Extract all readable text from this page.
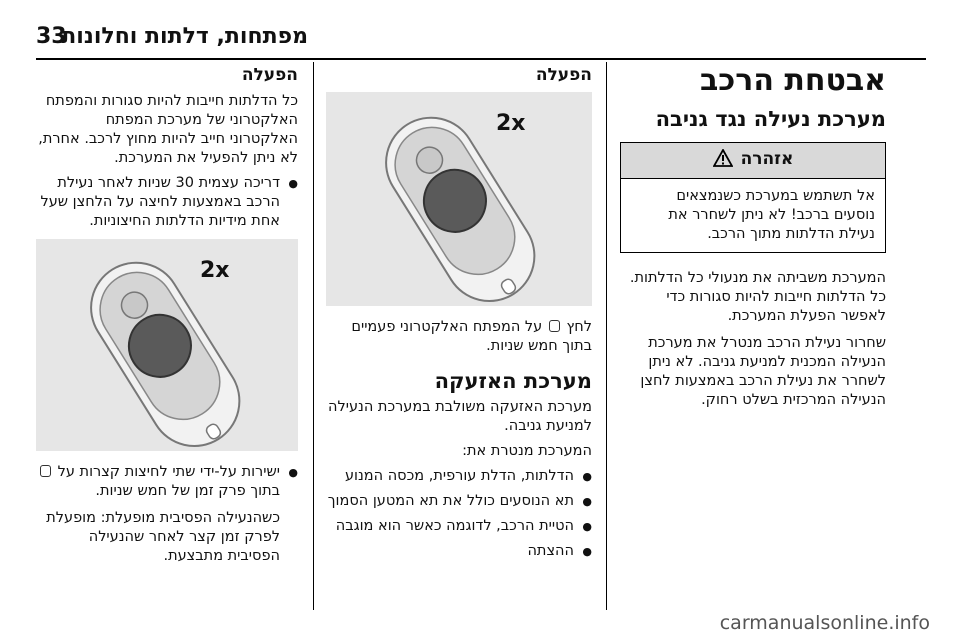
33
מפתחות, דלתות וחלונות
אבטחת הרכב
מערכת נעילה נגד גניבה
אזהרה
אל תשתמש במערכת כשנמצאים נוסעים ברכב! לא ניתן לשחרר את נעילת הדלתות מתוך הרכב.

המערכת משביתה את מנעולי כל הדלתות. כל הדלתות חייבות להיות סגורות כדי לאפשר הפעלת המערכת.

שחרור נעילת הרכב מנטרל את מערכת הנעילה המכנית למניעת גניבה. לא ניתן לשחרר את נעילת הרכב באמצעות לחצן הנעילה המרכזית בשלט רחוק.

הפעלה
2x

לחץ  על המפתח האלקטרוני פעמיים בתוך חמש שניות.

מערכת האזעקה

מערכת האזעקה משולבת במערכת הנעילה למניעת גניבה.

המערכת מנטרת את:

● הדלתות, הדלת עורפית, מכסה המנוע
● תא הנוסעים כולל את תא המטען הסמוך
● הטיית הרכב, לדוגמה כאשר הוא מוגבה
● ההצתה
הפעלה

כל הדלתות חייבות להיות סגורות והמפתח האלקטרוני של מערכת המפתח האלקטרוני חייב להיות מחוץ לרכב. אחרת, לא ניתן להפעיל את המערכת.

● דריכה עצמית 30 שניות לאחר נעילת הרכב באמצעות לחיצה על הלחצן שעל אחת מידיות הדלתות החיצוניות.
2x
● ישירות על-ידי שתי לחיצות קצרות על  בתוך פרק זמן של חמש שניות.

כשהנעילה הפסיבית מופעלת: מופעלת לפרק זמן קצר לאחר שהנעילה הפסיבית מתבצעת.

carmanualsonline.info
